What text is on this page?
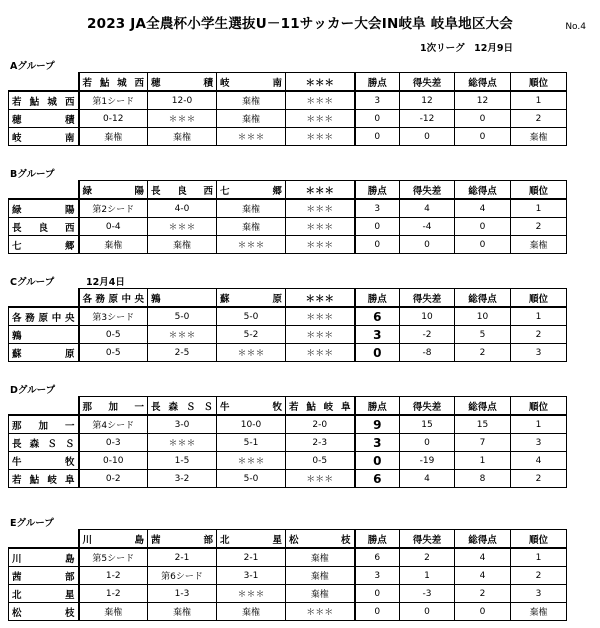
2023 JA全農杯小学生選抜U－11サッカー大会IN岐阜 岐阜地区大会	No.4
1次リーグ　12月9日
Aグループ
	若鮎城西	穂積	岐南	＊＊＊	勝点	得失差	総得点	順位
若鮎城西	第1シード	12-0	棄権	＊＊＊	3	12	12	1
穂積	0-12	＊＊＊	棄権	＊＊＊	0	-12	0	2
岐南	棄権	棄権	＊＊＊	＊＊＊	0	0	0	棄権
Bグループ
	緑陽	長良西	七郷	＊＊＊	勝点	得失差	総得点	順位
緑陽	第2シード	4-0	棄権	＊＊＊	3	4	4	1
長良西	0-4	＊＊＊	棄権	＊＊＊	0	-4	0	2
七郷	棄権	棄権	＊＊＊	＊＊＊	0	0	0	棄権
Cグループ	12月4日
	各務原中央	鶉	蘇原	＊＊＊	勝点	得失差	総得点	順位
各務原中央	第3シード	5-0	5-0	＊＊＊	6	10	10	1
鶉	0-5	＊＊＊	5-2	＊＊＊	3	-2	5	2
蘇原	0-5	2-5	＊＊＊	＊＊＊	0	-8	2	3
Dグループ
	那加一	長森ＳＳ	牛牧	若鮎岐阜	勝点	得失差	総得点	順位
那加一	第4シード	3-0	10-0	2-0	9	15	15	1
長森ＳＳ	0-3	＊＊＊	5-1	2-3	3	0	7	3
牛牧	0-10	1-5	＊＊＊	0-5	0	-19	1	4
若鮎岐阜	0-2	3-2	5-0	＊＊＊	6	4	8	2
Eグループ
	川島	茜部	北星	松枝	勝点	得失差	総得点	順位
川島	第5シード	2-1	2-1	棄権	6	2	4	1
茜部	1-2	第6シード	3-1	棄権	3	1	4	2
北星	1-2	1-3	＊＊＊	棄権	0	-3	2	3
松枝	棄権	棄権	棄権	＊＊＊	0	0	0	棄権
